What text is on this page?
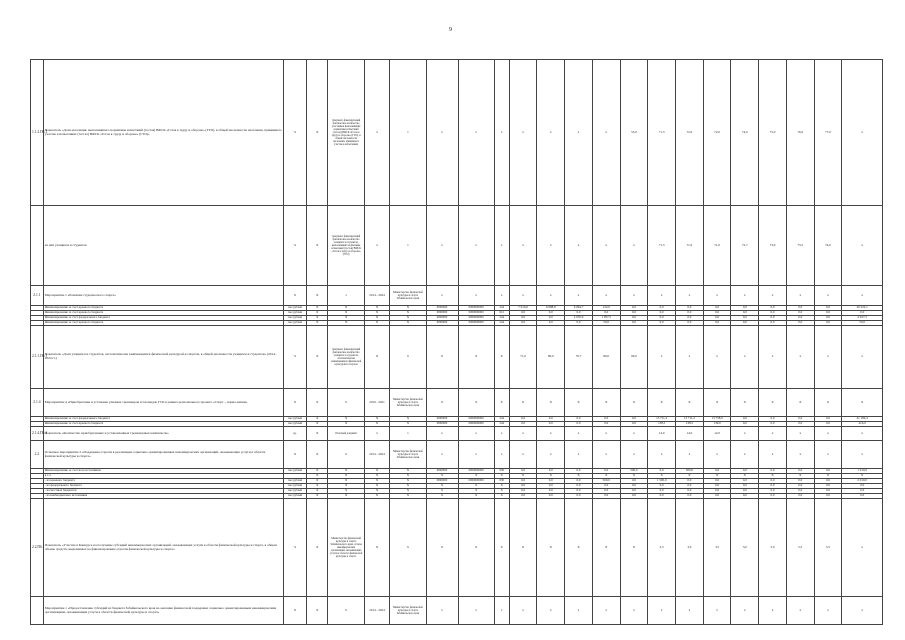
9
1.1.2.П6.1	Показатель «Доля населения, выполнившего нормативы испытаний (тестов) ВФСК «Готов к труду и обороне» (ГТО), в общей численности населения, принявшего участие в испытаниях (тестах) ВФСК «Готов к труду и обороне» (ГТО)»	%	Х	Документ, фиксирующий фактическое количество участников выполнивших нормативы испытаний (тестов) ВФСК «Готов к труду и обороне» (ГТО), в общей численности населения, принявшего участие в испытаниях	х	х	х	х	х	х	х	х	х	55,0	71,3	72,0	72,0	74,0	75,0	76,0	77,0	х
	из них учащихся и студентов	%	Х	Документ, фиксирующий фактическое количество учащихся и студентов, выполнивших нормативы испытаний (тестов) ВФСК «Готов к труду и обороне» (ГТО)	х	х	х	х	х	х	х	х	х	х	71,3	71,0	71,0	72,7	73,0	73,5	74,0	х
2.1.1	Мероприятие 1 «Развитие студенческого спорта»	Х	Х	х	2014 - 2024	Министерство физической культуры и спорта Забайкальского края	х	х	х	х	х	х	х	х	х	х	х	х	х	х	х	х
	Финансирование за счет краевого бюджета	тыс.рублей	Х	Х	Х	Х	0000000	0000000000	244	7 916,0	6 088,8	6 094,7	122,6	0,0	0,0	0,0	0,0	0,0	0,0	0,0	0,0	20 222,1
	Финансирование за счет краевого бюджета	тыс.рублей	Х	Х	Х	Х	0000000	0000000000	612	0,0	0,0	0,0	0,0	0,0	0,0	0,0	0,0	0,0	0,0	0,0	0,0	0,0
	Финансирование за счет федерального бюджета	тыс.рублей	Х	Х	Х	Х	0000000	0000000000	244	0,0	0,0	2 070,0	1 957,5	0,0	0,0	0,0	0,0	0,0	0,0	0,0	0,0	4 027,5
	Финансирование за счет краевого бюджета	тыс.рублей	Х	Х	Х	Х	0000000	0000000000	244	0,0	0,0	0,0	50,0	0,0	0,0	0,0	0,0	0,0	0,0	0,0	0,0	50,0
2.1.1.П6.1	Показатель «Доля учащихся и студентов, систематически занимающихся физической культурой и спортом, в общей численности учащихся и студентов» (2014–2024 гг.)	%	Х	Документ, фиксирующий фактическое количество учащихся и студентов, систематически занимающихся физической культурой и спортом	Х	Х	Х	Х	Х	71,0	80,0	79,7	80,0	90,0	х	х	х	х	х	х	х	х
2.1.4	Мероприятие 4 «Приобретение и установка уличных тренажеров и площадок ГТО в рамках регионального проекта «Спорт – норма жизни»	Х	Х	Х	2019 - 2021	Министерство физической культуры и спорта Забайкальского края	Х	Х	Х	Х	Х	Х	Х	Х	Х	Х	Х	Х	Х	Х	Х	Х
	Финансирование за счет федерального бюджета	тыс.рублей	Х	Х	Х	Х	0000000	0000000000	244	0,0	0,0	0,0	0,0	0,0	13 711,2	13 711,2	13 758,0	0,0	0,0	0,0	0,0	41 180,4
	Финансирование за счет краевого бюджета	тыс.рублей	Х	Х	Х	Х	0000000	0000000000	244	0,0	0,0	0,0	0,0	0,0	138,5	138,5	139,0	0,0	0,0	0,0	0,0	416,0
2.1.4.П6.1	Показатель «Количество приобретенных и установленных тренажерных комплексов»	ед.	Х	Отчетный документ	х	х	х	х	х	х	х	х	х	х	14,0	14,0	12,0	х	х	х	х	х
2.2	Основное мероприятие 2 «Поддержка отрасли в реализации социально ориентированных некоммерческих организаций, оказывающих услуги в области физической культуры и спорта»	Х	Х	Х	2014 - 2024	Министерство физической культуры и спорта Забайкальского края	х	х	х	х	х	х	х	х	х	х	х	х	х	х	х	х
	Финансирование за счет всех источников	тыс.рублей	Х	Х	Х	Х	0000000	0000000000	630	0,0	0,0	0,0	0,0	500,0	0,0	500,0	0,0	0,0	0,0	0,0	0,0	1 010,0
	в т.ч.		Х	Х	Х	Х	Х	Х	Х	Х	Х	Х	Х	Х	Х	Х	Х	Х	Х	Х	Х	Х
	- из краевого бюджета	тыс.рублей	Х	Х	Х	Х	0000000	0000000000	630	0,0	0,0	0,0	500,0	0,0	1 500,0	0,0	0,0	0,0	0,0	0,0	0,0	2 010,0
	- из федерального бюджета	тыс.рублей	Х	Х	Х	Х	Х	Х	Х	0,0	0,0	0,0	0,0	0,0	0,0	0,0	0,0	0,0	0,0	0,0	0,0	0,0
	- из местных бюджетов	тыс.рублей	Х	Х	Х	Х	Х	Х	Х	0,0	0,0	0,0	0,0	0,0	0,0	0,0	0,0	0,0	0,0	0,0	0,0	0,0
	- из внебюджетных источников	тыс.рублей	Х	Х	Х	Х	Х	Х	Х	0,0	0,0	0,0	0,0	0,0	0,0	0,0	0,0	0,0	0,0	0,0	0,0	0,0
2.2.П6.1	Показатель «Участие в Конкурсе на получение субсидий некоммерческих организаций, оказывающих услуги в области физической культуры и спорта, в общем объеме средств, выделяемых на финансирование отрасли физической культуры и спорта»	%	Х	Министерство физической культуры и спорта Забайкальского края, отчеты некоммерческих организаций, оказывающих услуги в области физической культуры и спорта	Х	Х	Х	Х	Х	Х	Х	Х	Х	Х	2,5	3,0	3,5	5,0	5,0	5,5	5,5	х
	Мероприятие 1 «Предоставление субсидий из бюджета Забайкальского края на оказание финансовой поддержки социально ориентированным некоммерческим организациям, оказывающим услуги в области физической культуры и спорта»	Х	Х	Х	2014 - 2024	Министерство физической культуры и спорта Забайкальского края	х	х	х	х	х	х	х	х	х	х	х	х	х	х	х	х
